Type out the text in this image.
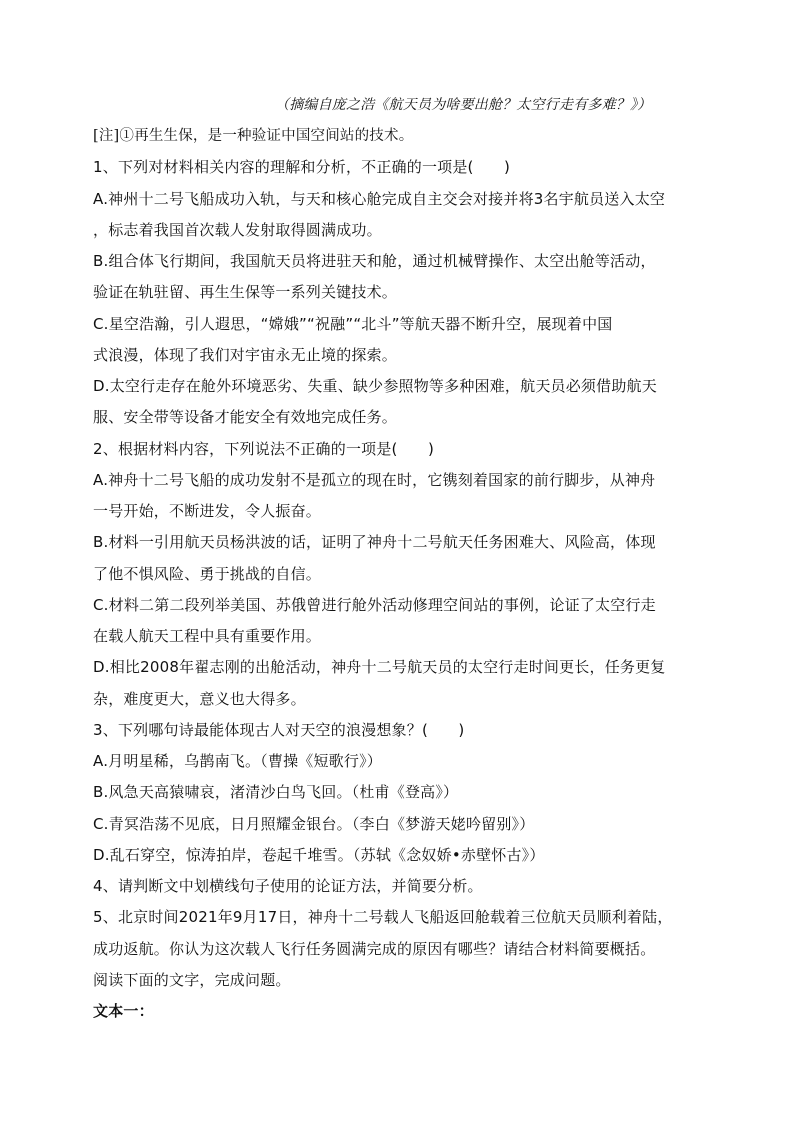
（摘编自庞之浩《航天员为啥要出舱？太空行走有多难？》）
[注]①再生生保，是一种验证中国空间站的技术。
1、下列对材料相关内容的理解和分析，不正确的一项是(　　)
A.神州十二号飞船成功入轨，与天和核心舱完成自主交会对接并将3名宇航员送入太空
，标志着我国首次载人发射取得圆满成功。
B.组合体飞行期间，我国航天员将进驻天和舱，通过机械臂操作、太空出舱等活动，
验证在轨驻留、再生生保等一系列关键技术。
C.星空浩瀚，引人遐思，“嫦娥”“祝融”“北斗”等航天器不断升空，展现着中国
式浪漫，体现了我们对宇宙永无止境的探索。
D.太空行走存在舱外环境恶劣、失重、缺少参照物等多种困难，航天员必须借助航天
服、安全带等设备才能安全有效地完成任务。
2、根据材料内容，下列说法不正确的一项是(　　)
A.神舟十二号飞船的成功发射不是孤立的现在时，它镌刻着国家的前行脚步，从神舟
一号开始，不断进发，令人振奋。
B.材料一引用航天员杨洪波的话，证明了神舟十二号航天任务困难大、风险高，体现
了他不惧风险、勇于挑战的自信。
C.材料二第二段列举美国、苏俄曾进行舱外活动修理空间站的事例，论证了太空行走
在载人航天工程中具有重要作用。
D.相比2008年翟志刚的出舱活动，神舟十二号航天员的太空行走时间更长，任务更复
杂，难度更大，意义也大得多。
3、下列哪句诗最能体现古人对天空的浪漫想象？(　　)
A.月明星稀，乌鹊南飞。（曹操《短歌行》）
B.风急天高猿啸哀，渚清沙白鸟飞回。（杜甫《登高》）
C.青冥浩荡不见底，日月照耀金银台。（李白《梦游天姥吟留别》）
D.乱石穿空，惊涛拍岸，卷起千堆雪。（苏轼《念奴娇•赤壁怀古》）
4、请判断文中划横线句子使用的论证方法，并简要分析。
5、北京时间2021年9月17日，神舟十二号载人飞船返回舱载着三位航天员顺利着陆，
成功返航。你认为这次载人飞行任务圆满完成的原因有哪些？请结合材料简要概括。
阅读下面的文字，完成问题。
文本一：
